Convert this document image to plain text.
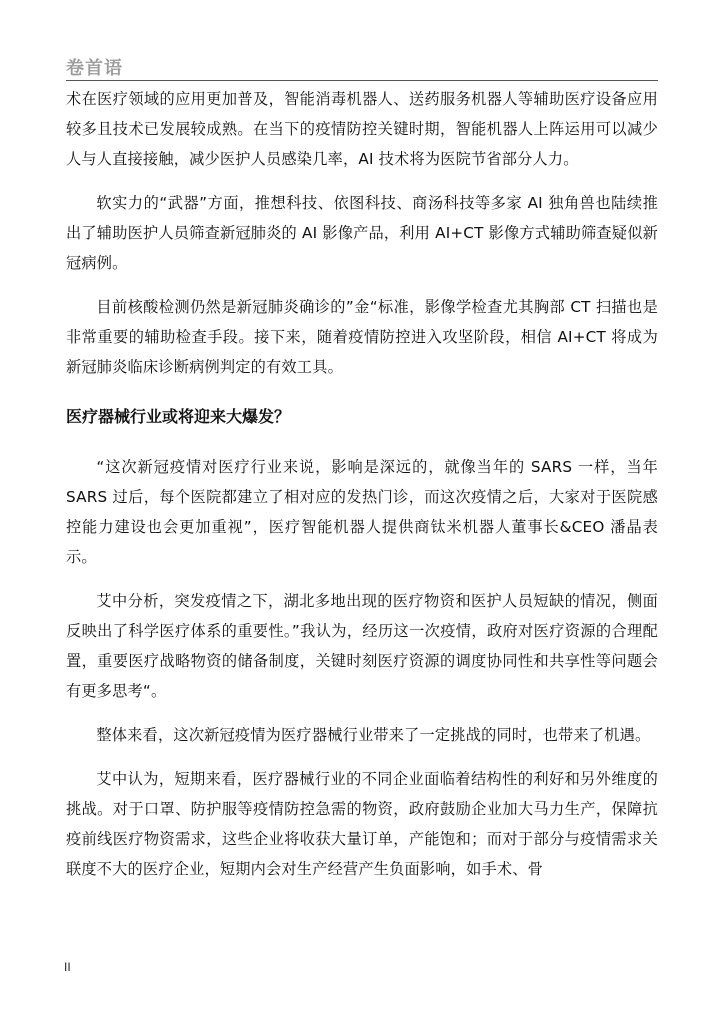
卷首语

术在医疗领域的应用更加普及，智能消毒机器人、送药服务机器人等辅助医疗设备应用较多且技术已发展较成熟。在当下的疫情防控关键时期，智能机器人上阵运用可以减少人与人直接接触，减少医护人员感染几率，AI 技术将为医院节省部分人力。

软实力的“武器”方面，推想科技、依图科技、商汤科技等多家 AI 独角兽也陆续推出了辅助医护人员筛查新冠肺炎的 AI 影像产品，利用 AI+CT 影像方式辅助筛查疑似新冠病例。

目前核酸检测仍然是新冠肺炎确诊的”金“标准，影像学检查尤其胸部 CT 扫描也是非常重要的辅助检查手段。接下来，随着疫情防控进入攻坚阶段，相信 AI+CT 将成为新冠肺炎临床诊断病例判定的有效工具。

医疗器械行业或将迎来大爆发？

“这次新冠疫情对医疗行业来说，影响是深远的，就像当年的 SARS 一样，当年 SARS 过后，每个医院都建立了相对应的发热门诊，而这次疫情之后，大家对于医院感控能力建设也会更加重视”，医疗智能机器人提供商钛米机器人董事长&CEO 潘晶表示。

艾中分析，突发疫情之下，湖北多地出现的医疗物资和医护人员短缺的情况，侧面反映出了科学医疗体系的重要性。”我认为，经历这一次疫情，政府对医疗资源的合理配置，重要医疗战略物资的储备制度，关键时刻医疗资源的调度协同性和共享性等问题会有更多思考“。

整体来看，这次新冠疫情为医疗器械行业带来了一定挑战的同时，也带来了机遇。

艾中认为，短期来看，医疗器械行业的不同企业面临着结构性的利好和另外维度的挑战。对于口罩、防护服等疫情防控急需的物资，政府鼓励企业加大马力生产，保障抗疫前线医疗物资需求，这些企业将收获大量订单，产能饱和；而对于部分与疫情需求关联度不大的医疗企业，短期内会对生产经营产生负面影响，如手术、骨

II
